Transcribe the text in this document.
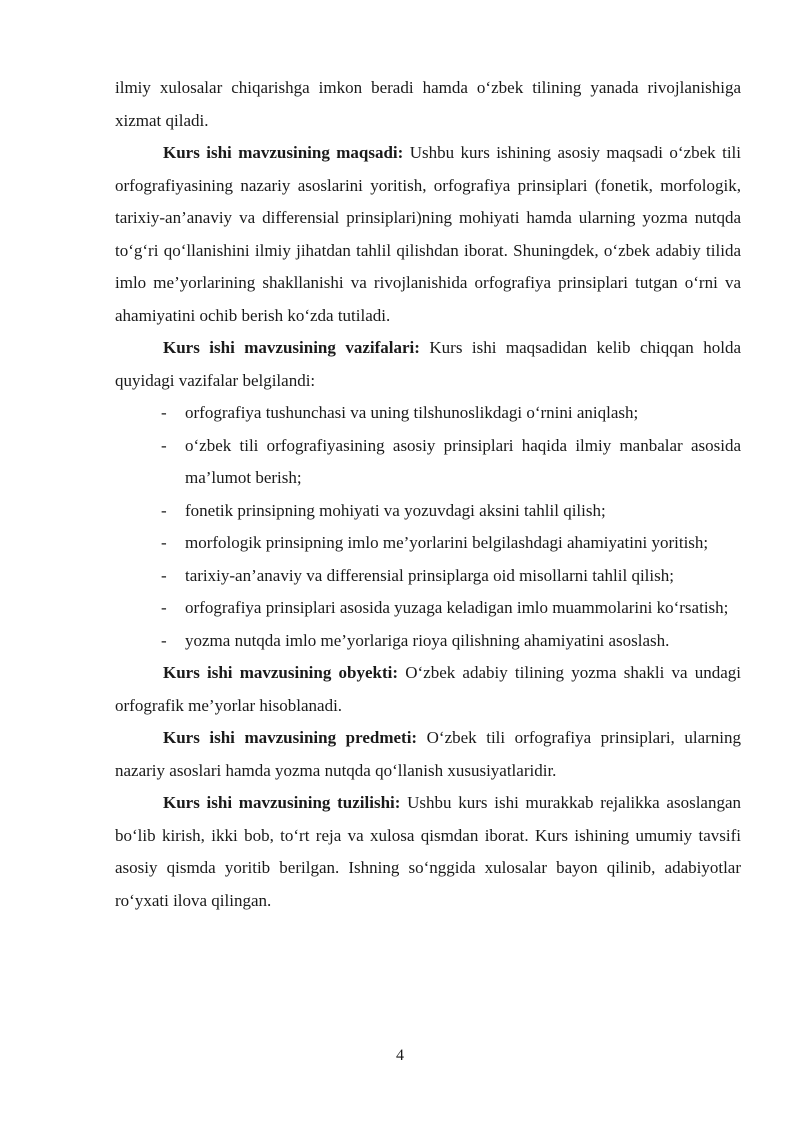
ilmiy xulosalar chiqarishga imkon beradi hamda o‘zbek tilining yanada rivojlanishiga xizmat qiladi.

Kurs ishi mavzusining maqsadi: Ushbu kurs ishining asosiy maqsadi o‘zbek tili orfografiyasining nazariy asoslarini yoritish, orfografiya prinsiplari (fonetik, morfologik, tarixiy-an’anaviy va differensial prinsiplari)ning mohiyati hamda ularning yozma nutqda to‘g‘ri qo‘llanishini ilmiy jihatdan tahlil qilishdan iborat. Shuningdek, o‘zbek adabiy tilida imlo me’yorlarining shakllanishi va rivojlanishida orfografiya prinsiplari tutgan o‘rni va ahamiyatini ochib berish ko‘zda tutiladi.

Kurs ishi mavzusining vazifalari: Kurs ishi maqsadidan kelib chiqqan holda quyidagi vazifalar belgilandi:

- orfografiya tushunchasi va uning tilshunoslikdagi o‘rnini aniqlash;
- o‘zbek tili orfografiyasining asosiy prinsiplari haqida ilmiy manbalar asosida ma’lumot berish;
- fonetik prinsipning mohiyati va yozuvdagi aksini tahlil qilish;
- morfologik prinsipning imlo me’yorlarini belgilashdagi ahamiyatini yoritish;
- tarixiy-an’anaviy va differensial prinsiplarga oid misollarni tahlil qilish;
- orfografiya prinsiplari asosida yuzaga keladigan imlo muammolarini ko‘rsatish;
- yozma nutqda imlo me’yorlariga rioya qilishning ahamiyatini asoslash.

Kurs ishi mavzusining obyekti: O‘zbek adabiy tilining yozma shakli va undagi orfografik me’yorlar hisoblanadi.

Kurs ishi mavzusining predmeti: O‘zbek tili orfografiya prinsiplari, ularning nazariy asoslari hamda yozma nutqda qo‘llanish xususiyatlaridir.

Kurs ishi mavzusining tuzilishi: Ushbu kurs ishi murakkab rejalikka asoslangan bo‘lib kirish, ikki bob, to‘rt reja va xulosa qismdan iborat. Kurs ishining umumiy tavsifi asosiy qismda yoritib berilgan. Ishning so‘nggida xulosalar bayon qilinib, adabiyotlar ro‘yxati ilova qilingan.

4
